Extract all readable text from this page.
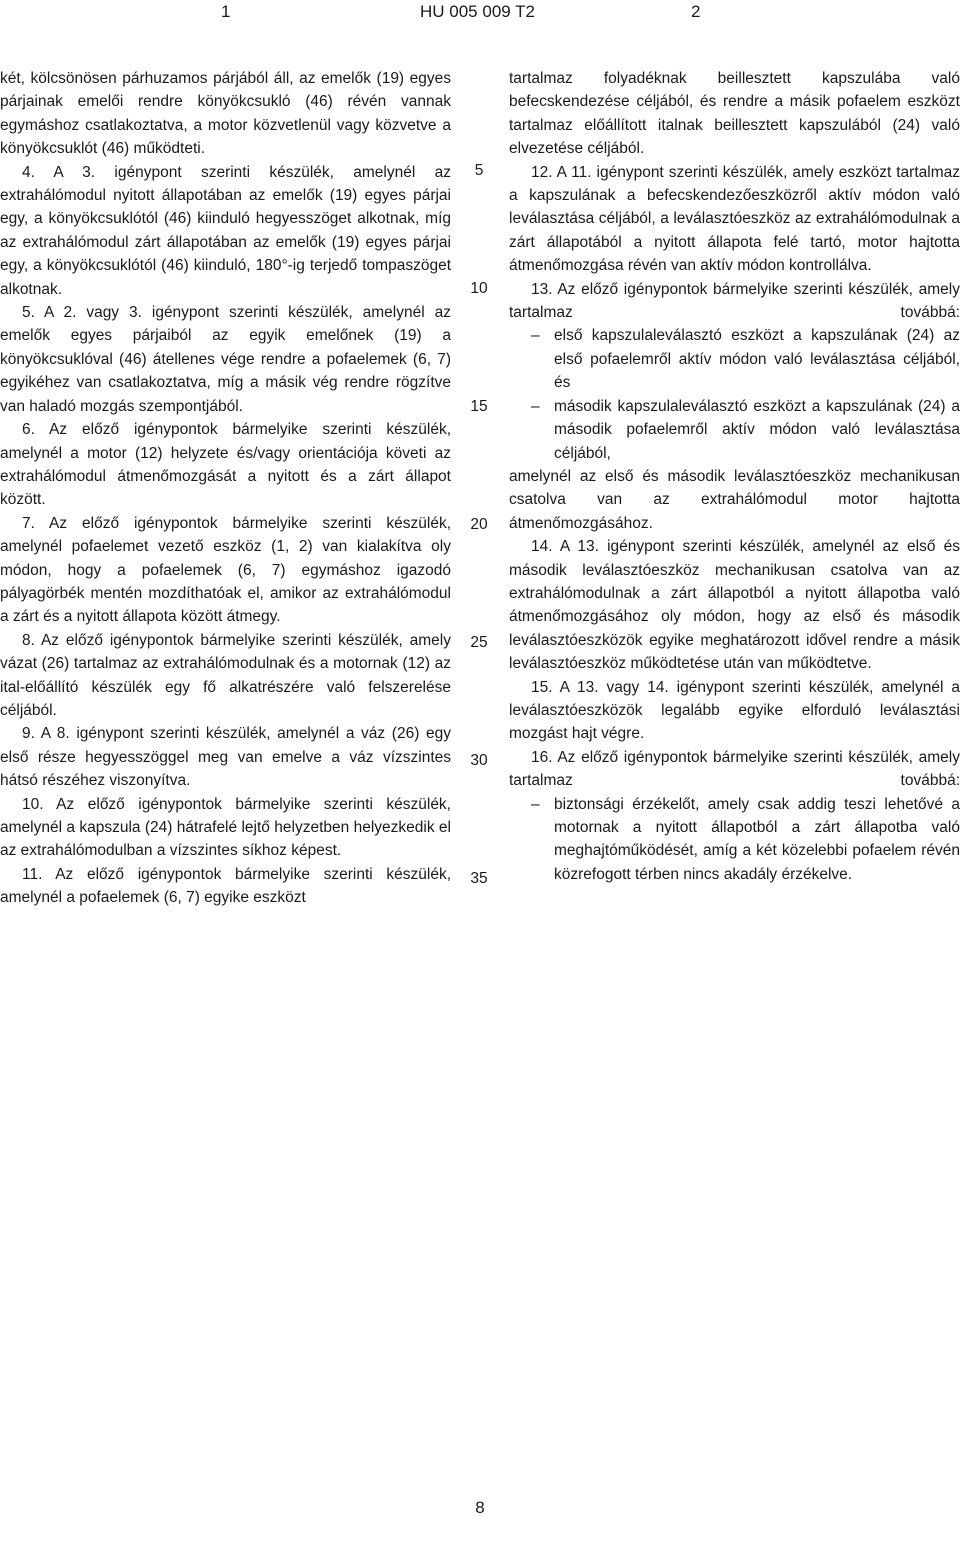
1	HU 005 009 T2	2

két, kölcsönösen párhuzamos párjából áll, az emelők (19) egyes párjainak emelői rendre könyökcsukló (46) révén vannak egymáshoz csatlakoztatva, a motor közvetlenül vagy közvetve a könyökcsuklót (46) működteti.

4. A 3. igénypont szerinti készülék, amelynél az extrahálómodul nyitott állapotában az emelők (19) egyes párjai egy, a könyökcsuklótól (46) kiinduló hegyesszöget alkotnak, míg az extrahálómodul zárt állapotában az emelők (19) egyes párjai egy, a könyökcsuklótól (46) kiinduló, 180°-ig terjedő tompaszöget alkotnak.

5. A 2. vagy 3. igénypont szerinti készülék, amelynél az emelők egyes párjaiból az egyik emelőnek (19) a könyökcsuklóval (46) átellenes vége rendre a pofaelemek (6, 7) egyikéhez van csatlakoztatva, míg a másik vég rendre rögzítve van haladó mozgás szempontjából.

6. Az előző igénypontok bármelyike szerinti készülék, amelynél a motor (12) helyzete és/vagy orientációja követi az extrahálómodul átmenőmozgását a nyitott és a zárt állapot között.

7. Az előző igénypontok bármelyike szerinti készülék, amelynél pofaelemet vezető eszköz (1, 2) van kialakítva oly módon, hogy a pofaelemek (6, 7) egymáshoz igazodó pályagörbék mentén mozdíthatóak el, amikor az extrahálómodul a zárt és a nyitott állapota között átmegy.

8. Az előző igénypontok bármelyike szerinti készülék, amely vázat (26) tartalmaz az extrahálómodulnak és a motornak (12) az ital-előállító készülék egy fő alkatrészére való felszerelése céljából.

9. A 8. igénypont szerinti készülék, amelynél a váz (26) egy első része hegyesszöggel meg van emelve a váz vízszintes hátsó részéhez viszonyítva.

10. Az előző igénypontok bármelyike szerinti készülék, amelynél a kapszula (24) hátrafelé lejtő helyzetben helyezkedik el az extrahálómodulban a vízszintes síkhoz képest.

11. Az előző igénypontok bármelyike szerinti készülék, amelynél a pofaelemek (6, 7) egyike eszközt

tartalmaz folyadéknak beillesztett kapszulába való befecskendezése céljából, és rendre a másik pofaelem eszközt tartalmaz előállított italnak beillesztett kapszulából (24) való elvezetése céljából.

12. A 11. igénypont szerinti készülék, amely eszközt tartalmaz a kapszulának a befecskendezőeszközről aktív módon való leválasztása céljából, a leválasztóeszköz az extrahálómodulnak a zárt állapotából a nyitott állapota felé tartó, motor hajtotta átmenőmozgása révén van aktív módon kontrollálva.

13. Az előző igénypontok bármelyike szerinti készülék, amely tartalmaz továbbá:

– első kapszulaleválasztó eszközt a kapszulának (24) az első pofaelemről aktív módon való leválasztása céljából, és
– második kapszulaleválasztó eszközt a kapszulának (24) a második pofaelemről aktív módon való leválasztása céljából,

amelynél az első és második leválasztóeszköz mechanikusan csatolva van az extrahálómodul motor hajtotta átmenőmozgásához.

14. A 13. igénypont szerinti készülék, amelynél az első és második leválasztóeszköz mechanikusan csatolva van az extrahálómodulnak a zárt állapotból a nyitott állapotba való átmenőmozgásához oly módon, hogy az első és második leválasztóeszközök egyike meghatározott idővel rendre a másik leválasztóeszköz működtetése után van működtetve.

15. A 13. vagy 14. igénypont szerinti készülék, amelynél a leválasztóeszközök legalább egyike elforduló leválasztási mozgást hajt végre.

16. Az előző igénypontok bármelyike szerinti készülék, amely tartalmaz továbbá:

– biztonsági érzékelőt, amely csak addig teszi lehetővé a motornak a nyitott állapotból a zárt állapotba való meghajtóműködését, amíg a két közelebbi pofaelem révén közrefogott térben nincs akadály érzékelve.
5
10
15
20
25
30
35
8
